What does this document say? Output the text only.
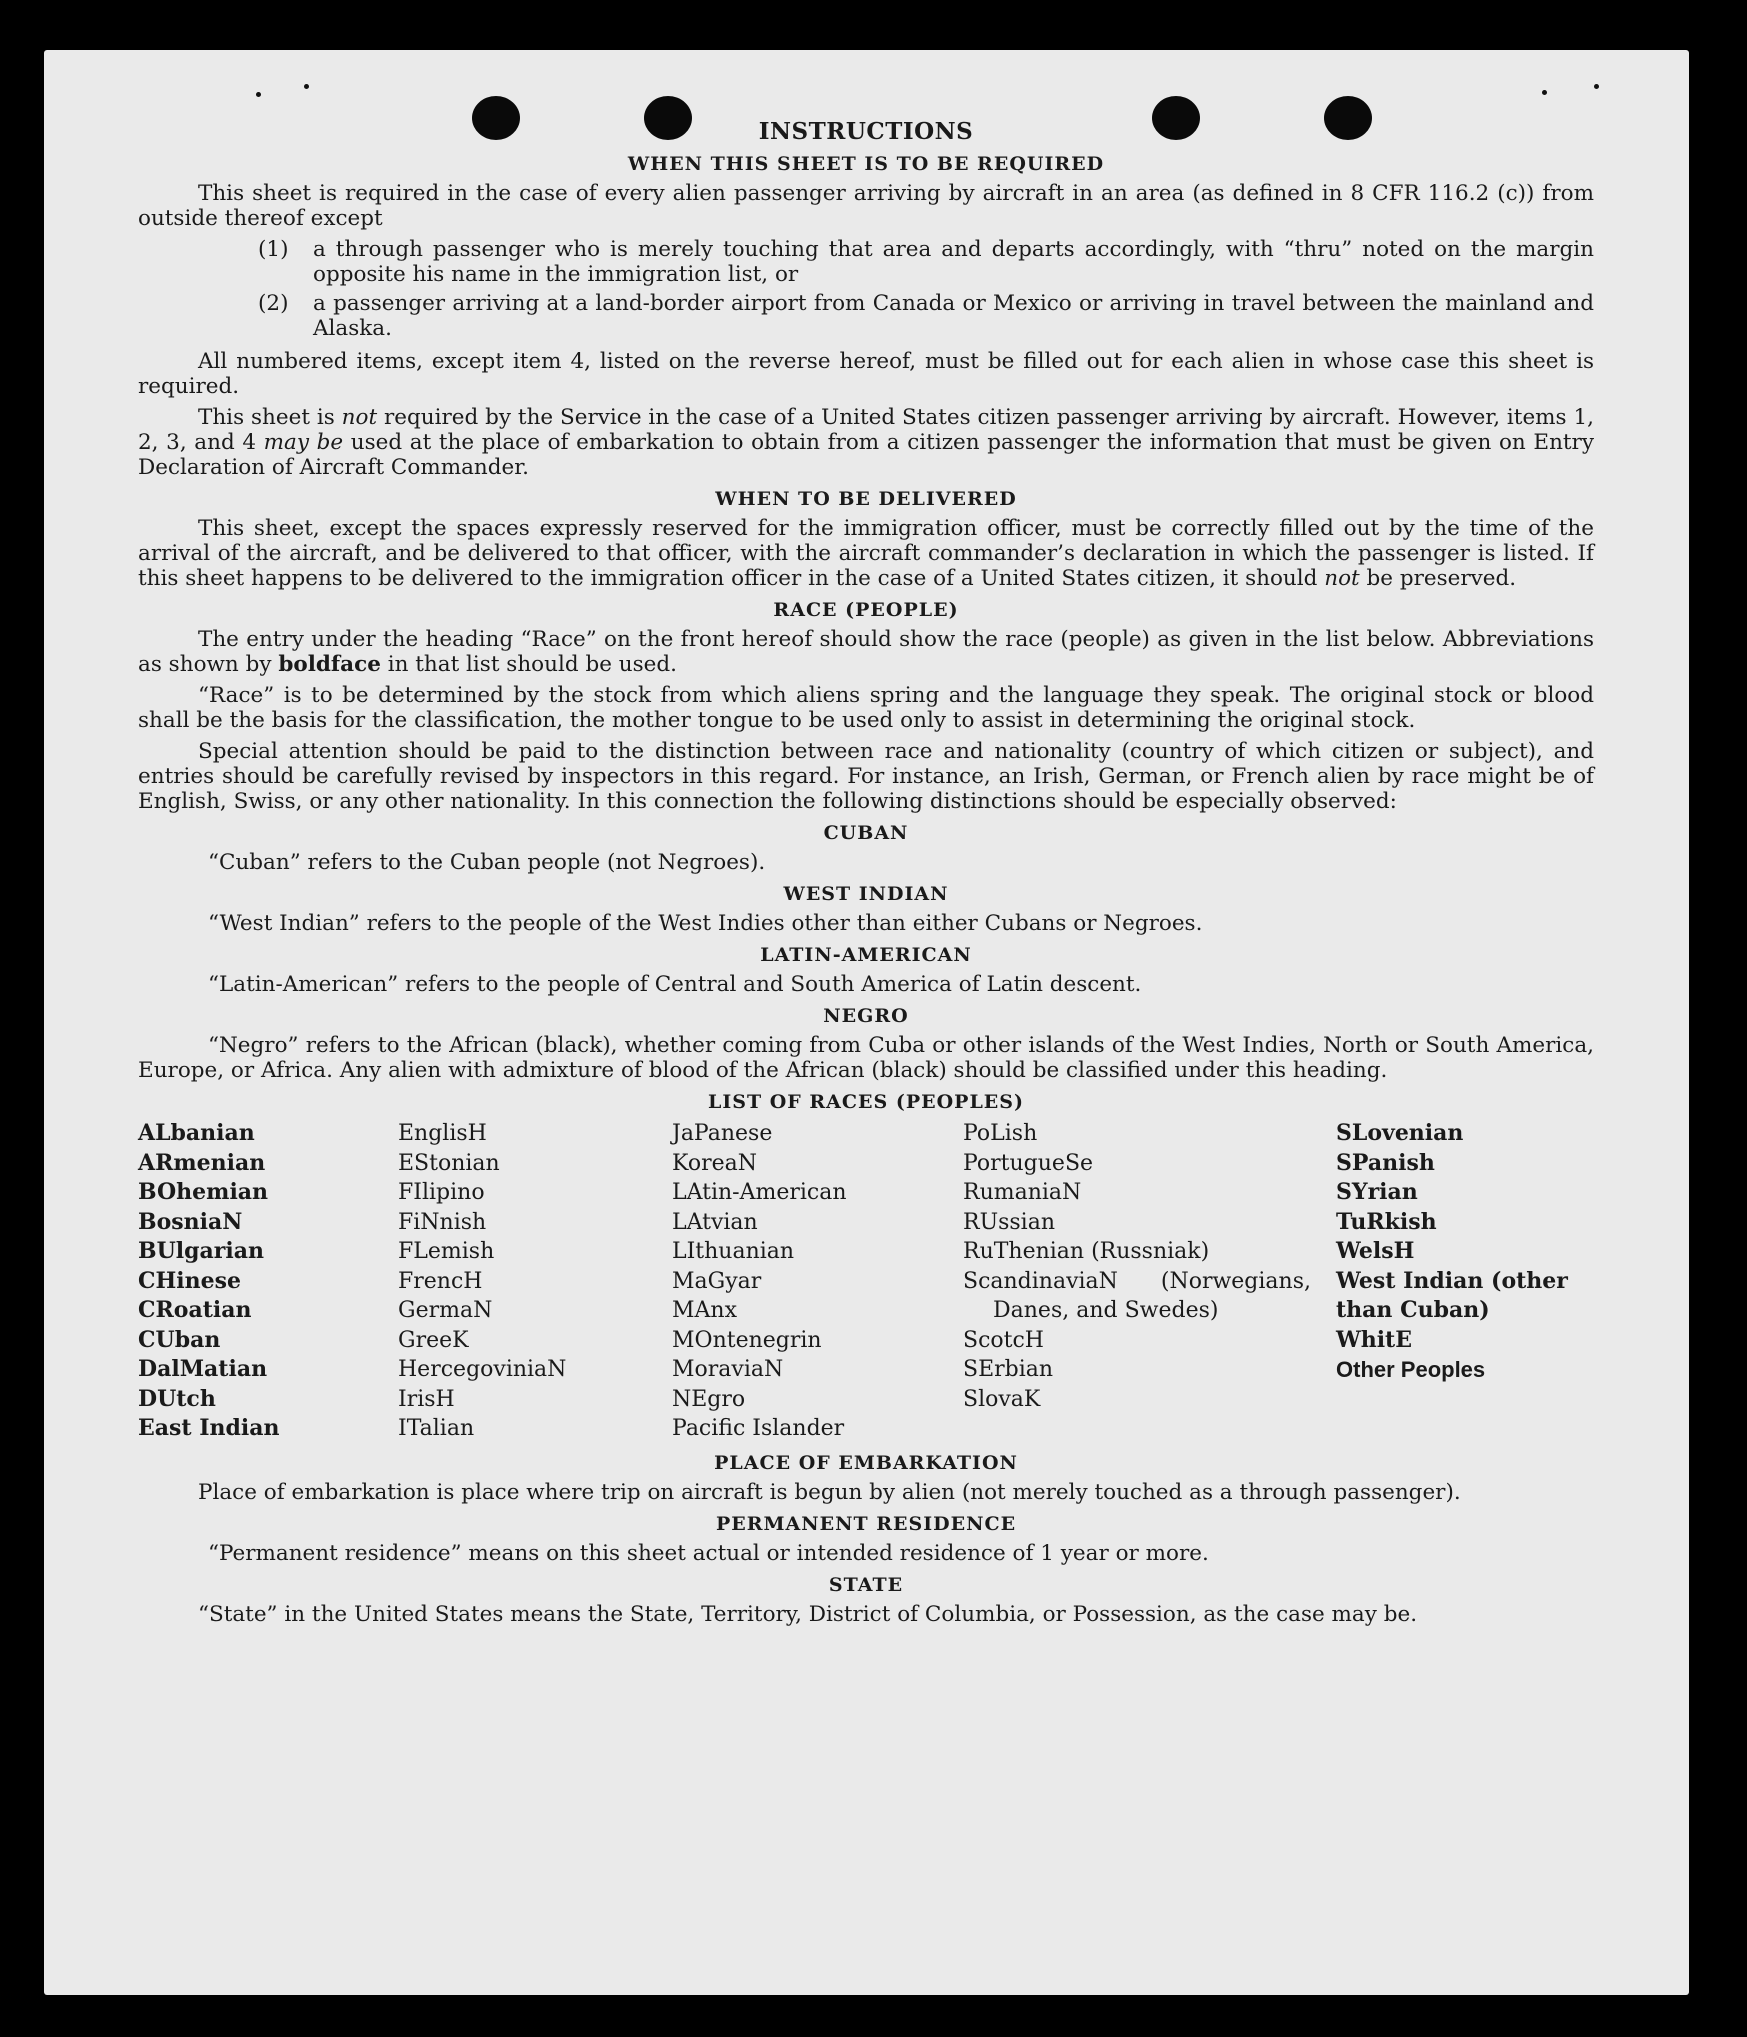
INSTRUCTIONS
WHEN THIS SHEET IS TO BE REQUIRED
This sheet is required in the case of every alien passenger arriving by aircraft in an area (as defined in 8 CFR 116.2 (c)) from outside thereof except
(1)	a through passenger who is merely touching that area and departs accordingly, with “thru” noted on the margin opposite his name in the immigration list, or
(2)	a passenger arriving at a land-border airport from Canada or Mexico or arriving in travel between the mainland and Alaska.
All numbered items, except item 4, listed on the reverse hereof, must be filled out for each alien in whose case this sheet is required.
This sheet is not required by the Service in the case of a United States citizen passenger arriving by aircraft. However, items 1, 2, 3, and 4 may be used at the place of embarkation to obtain from a citizen passenger the information that must be given on Entry Declaration of Aircraft Commander.
WHEN TO BE DELIVERED
This sheet, except the spaces expressly reserved for the immigration officer, must be correctly filled out by the time of the arrival of the aircraft, and be delivered to that officer, with the aircraft commander’s declaration in which the passenger is listed. If this sheet happens to be delivered to the immigration officer in the case of a United States citizen, it should not be preserved.
RACE (PEOPLE)
The entry under the heading “Race” on the front hereof should show the race (people) as given in the list below. Abbreviations as shown by boldface in that list should be used.
“Race” is to be determined by the stock from which aliens spring and the language they speak. The original stock or blood shall be the basis for the classification, the mother tongue to be used only to assist in determining the original stock.
Special attention should be paid to the distinction between race and nationality (country of which citizen or subject), and entries should be carefully revised by inspectors in this regard. For instance, an Irish, German, or French alien by race might be of English, Swiss, or any other nationality. In this connection the following distinctions should be especially observed:
CUBAN
“Cuban” refers to the Cuban people (not Negroes).
WEST INDIAN
“West Indian” refers to the people of the West Indies other than either Cubans or Negroes.
LATIN-AMERICAN
“Latin-American” refers to the people of Central and South America of Latin descent.
NEGRO
“Negro” refers to the African (black), whether coming from Cuba or other islands of the West Indies, North or South America, Europe, or Africa. Any alien with admixture of blood of the African (black) should be classified under this heading.
LIST OF RACES (PEOPLES)
ALbanian
ARmenian
BOhemian
BosniaN
BUlgarian
CHinese
CRoatian
CUban
DalMatian
DUtch
East Indian
EnglisH
EStonian
FIlipino
FiNnish
FLemish
FrencH
GermaN
GreeK
HercegoviniaN
IrisH
ITalian
JaPanese
KoreaN
LAtin-American
LAtvian
LIthuanian
MaGyar
MAnx
MOntenegrin
MoraviaN
NEgro
Pacific Islander
PoLish
PortugueSe
RumaniaN
RUssian
RuThenian (Russniak)
ScandinaviaN (Norwegians, Danes, and Swedes)
ScotcH
SErbian
SlovaK
SLovenian
SPanish
SYrian
TuRkish
WelsH
West Indian (other than Cuban)
WhitE
Other Peoples
PLACE OF EMBARKATION
Place of embarkation is place where trip on aircraft is begun by alien (not merely touched as a through passenger).
PERMANENT RESIDENCE
“Permanent residence” means on this sheet actual or intended residence of 1 year or more.
STATE
“State” in the United States means the State, Territory, District of Columbia, or Possession, as the case may be.
